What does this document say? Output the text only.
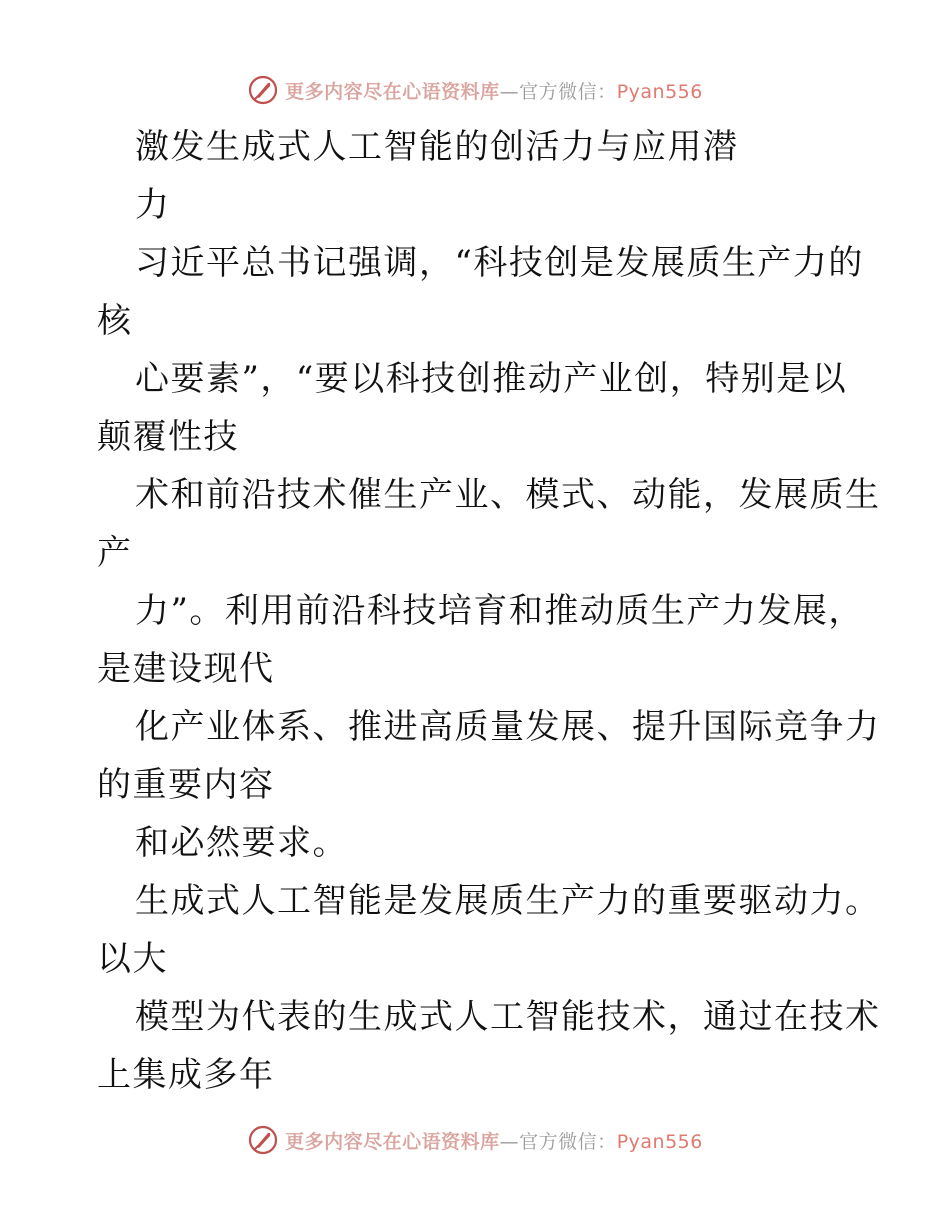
更多内容尽在心语资料库—官方微信：Pyan556
激发生成式人工智能的创活力与应用潜
力
习近平总书记强调，“科技创是发展质生产力的
核
心要素”，“要以科技创推动产业创，特别是以
颠覆性技
术和前沿技术催生产业、模式、动能，发展质生
产
力”。利用前沿科技培育和推动质生产力发展，
是建设现代
化产业体系、推进高质量发展、提升国际竞争力
的重要内容
和必然要求。
生成式人工智能是发展质生产力的重要驱动力。
以大
模型为代表的生成式人工智能技术，通过在技术
上集成多年
更多内容尽在心语资料库—官方微信：Pyan556
